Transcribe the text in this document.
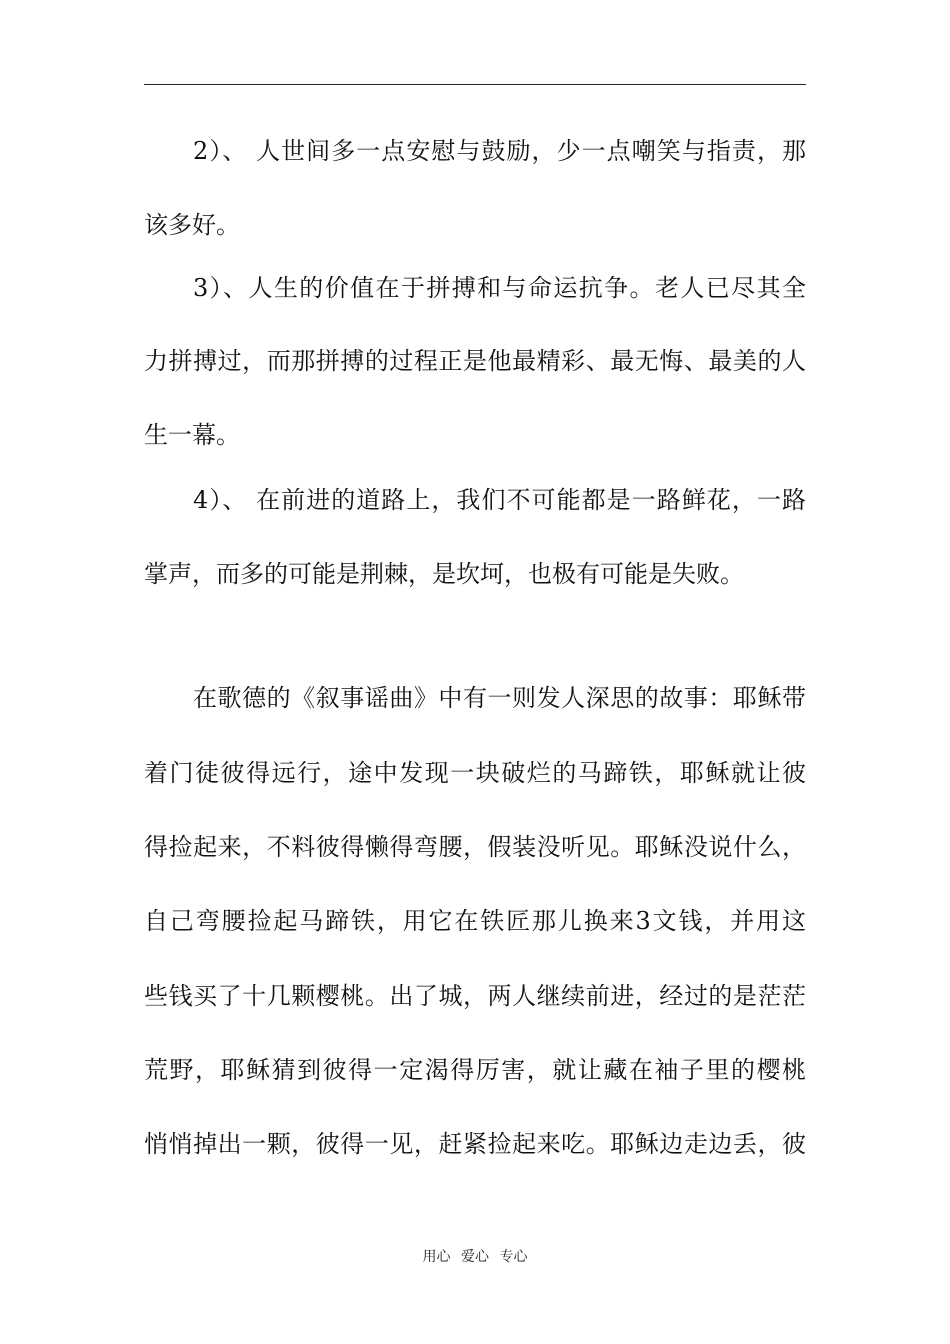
2）、 人世间多一点安慰与鼓励，少一点嘲笑与指责，那
该多好。
3）、人生的价值在于拼搏和与命运抗争。老人已尽其全
力拼搏过，而那拼搏的过程正是他最精彩、最无悔、最美的人
生一幕。
4）、 在前进的道路上，我们不可能都是一路鲜花，一路
掌声，而多的可能是荆棘，是坎坷，也极有可能是失败。
在歌德的《叙事谣曲》中有一则发人深思的故事：耶稣带
着门徒彼得远行，途中发现一块破烂的马蹄铁，耶稣就让彼
得捡起来，不料彼得懒得弯腰，假装没听见。耶稣没说什么，
自己弯腰捡起马蹄铁，用它在铁匠那儿换来3文钱，并用这
些钱买了十几颗樱桃。出了城，两人继续前进，经过的是茫茫
荒野，耶稣猜到彼得一定渴得厉害，就让藏在袖子里的樱桃
悄悄掉出一颗，彼得一见，赶紧捡起来吃。耶稣边走边丢，彼
用心 爱心 专心
